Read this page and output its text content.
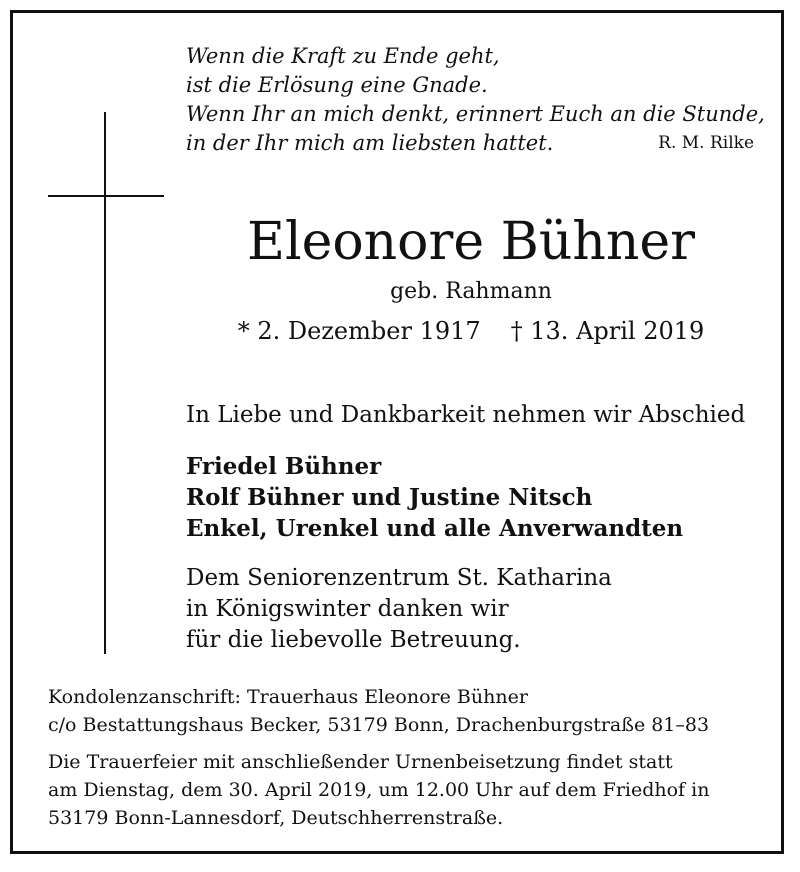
Wenn die Kraft zu Ende geht,
ist die Erlösung eine Gnade.
Wenn Ihr an mich denkt, erinnert Euch an die Stunde,
in der Ihr mich am liebsten hattet.	R. M. Rilke
Eleonore Bühner
geb. Rahmann
* 2. Dezember 1917 † 13. April 2019
In Liebe und Dankbarkeit nehmen wir Abschied
Friedel Bühner
Rolf Bühner und Justine Nitsch
Enkel, Urenkel und alle Anverwandten
Dem Seniorenzentrum St. Katharina
in Königswinter danken wir
für die liebevolle Betreuung.
Kondolenzanschrift: Trauerhaus Eleonore Bühner
c/o Bestattungshaus Becker, 53179 Bonn, Drachenburgstraße 81–83
Die Trauerfeier mit anschließender Urnenbeisetzung findet statt
am Dienstag, dem 30. April 2019, um 12.00 Uhr auf dem Friedhof in
53179 Bonn-Lannesdorf, Deutschherrenstraße.
